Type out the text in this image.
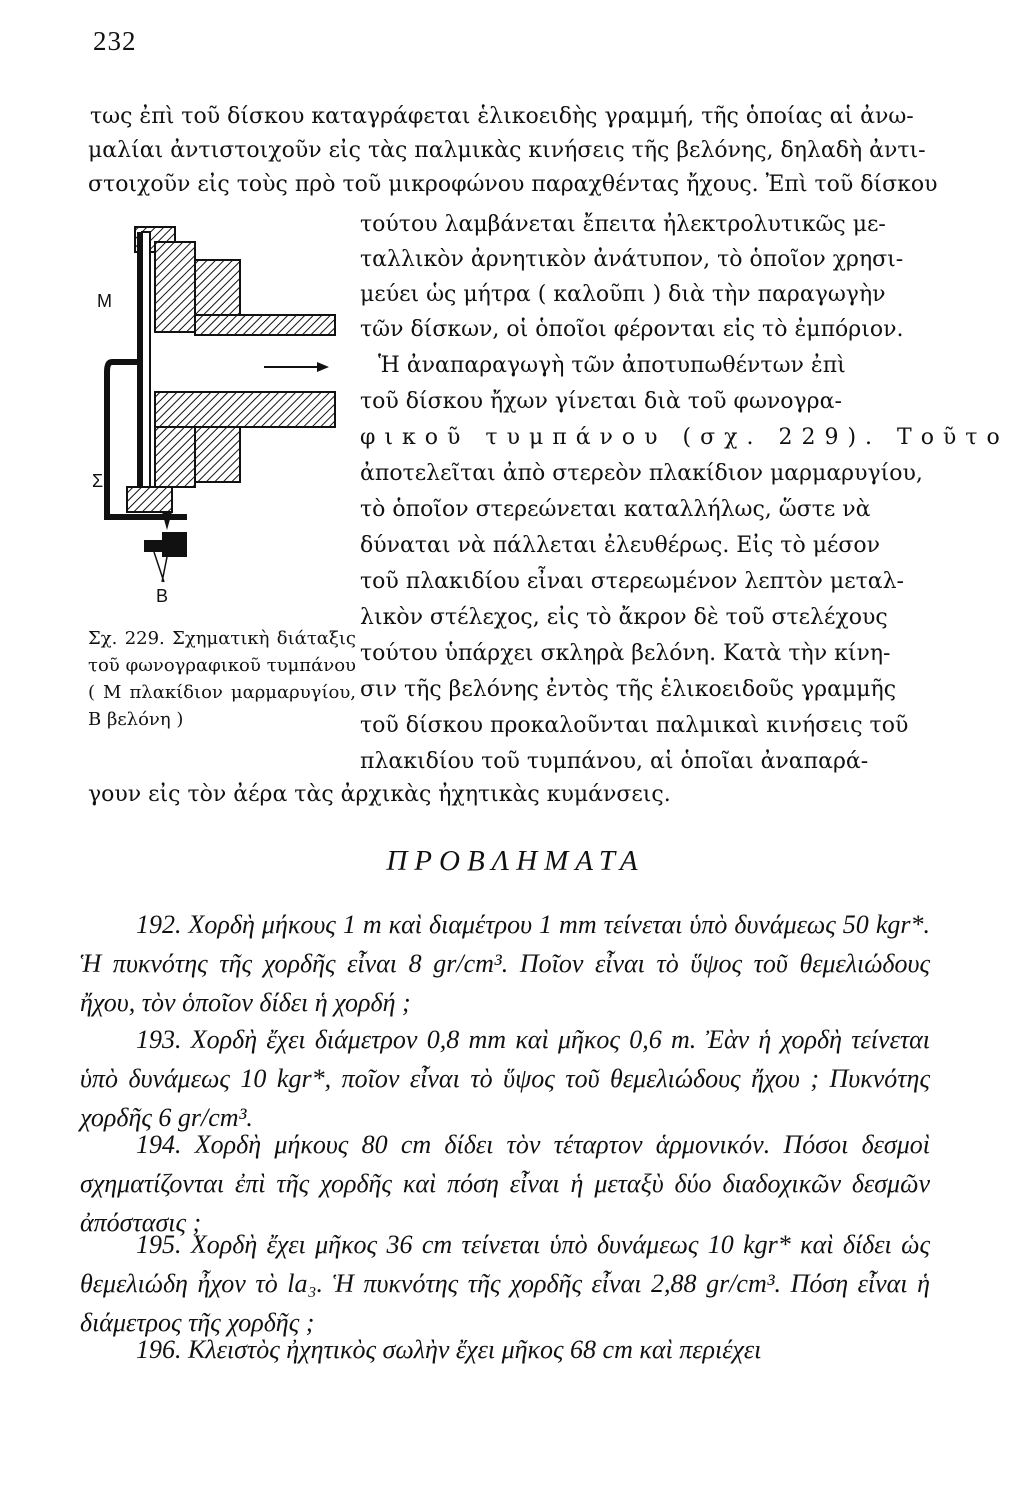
232
τως ἐπὶ τοῦ δίσκου καταγράφεται ἑλικοειδὴς γραμμή, τῆς ὁποίας αἱ ἀνω-
μαλίαι ἀντιστοιχοῦν εἰς τὰς παλμικὰς κινήσεις τῆς βελόνης, δηλαδὴ ἀντι-
στοιχοῦν εἰς τοὺς πρὸ τοῦ μικροφώνου παραχθέντας ἤχους. Ἐπὶ τοῦ δίσκου
τούτου λαμβάνεται ἔπειτα ἠλεκτρολυτικῶς με-
ταλλικὸν ἀρνητικὸν ἀνάτυπον, τὸ ὁποῖον χρησι-
μεύει ὡς μήτρα ( καλοῦπι ) διὰ τὴν παραγωγὴν
τῶν δίσκων, οἱ ὁποῖοι φέρονται εἰς τὸ ἐμπόριον.
Ἡ ἀναπαραγωγὴ τῶν ἀποτυπωθέντων ἐπὶ
τοῦ δίσκου ἤχων γίνεται διὰ τοῦ φωνογρα-
φικοῦ τυμπάνου (σχ. 229). Τοῦτο
ἀποτελεῖται ἀπὸ στερεὸν πλακίδιον μαρμαρυγίου,
τὸ ὁποῖον στερεώνεται καταλλήλως, ὥστε νὰ
δύναται νὰ πάλλεται ἐλευθέρως. Εἰς τὸ μέσον
τοῦ πλακιδίου εἶναι στερεωμένον λεπτὸν μεταλ-
λικὸν στέλεχος, εἰς τὸ ἄκρον δὲ τοῦ στελέχους
τούτου ὑπάρχει σκληρὰ βελόνη. Κατὰ τὴν κίνη-
σιν τῆς βελόνης ἐντὸς τῆς ἑλικοειδοῦς γραμμῆς
τοῦ δίσκου προκαλοῦνται παλμικαὶ κινήσεις τοῦ
πλακιδίου τοῦ τυμπάνου, αἱ ὁποῖαι ἀναπαρά-
γουν εἰς τὸν ἀέρα τὰς ἀρχικὰς ἠχητικὰς κυμάνσεις.
M
Σ
B
Σχ. 229. Σχηματικὴ διάταξις τοῦ φωνογραφικοῦ τυμπάνου ( M πλακίδιον μαρμαρυγίου, B βελόνη )
ΠΡΟΒΛΗΜΑΤΑ
192. Χορδὴ μήκους 1 m καὶ διαμέτρου 1 mm τείνεται ὑπὸ δυνάμεως 50 kgr*. Ἡ πυκνότης τῆς χορδῆς εἶναι 8 gr/cm³. Ποῖον εἶναι τὸ ὕψος τοῦ θεμελιώδους ἤχου, τὸν ὁποῖον δίδει ἡ χορδή ;
193. Χορδὴ ἔχει διάμετρον 0,8 mm καὶ μῆκος 0,6 m. Ἐὰν ἡ χορδὴ τείνεται ὑπὸ δυνάμεως 10 kgr*, ποῖον εἶναι τὸ ὕψος τοῦ θεμελιώδους ἤχου ; Πυκνότης χορδῆς 6 gr/cm³.
194. Χορδὴ μήκους 80 cm δίδει τὸν τέταρτον ἁρμονικόν. Πόσοι δεσμοὶ σχηματίζονται ἐπὶ τῆς χορδῆς καὶ πόση εἶναι ἡ μεταξὺ δύο διαδοχικῶν δεσμῶν ἀπόστασις ;
195. Χορδὴ ἔχει μῆκος 36 cm τείνεται ὑπὸ δυνάμεως 10 kgr* καὶ δίδει ὡς θεμελιώδη ἦχον τὸ la₃. Ἡ πυκνότης τῆς χορδῆς εἶναι 2,88 gr/cm³. Πόση εἶναι ἡ διάμετρος τῆς χορδῆς ;
196. Κλειστὸς ἠχητικὸς σωλὴν ἔχει μῆκος 68 cm καὶ περιέχει
